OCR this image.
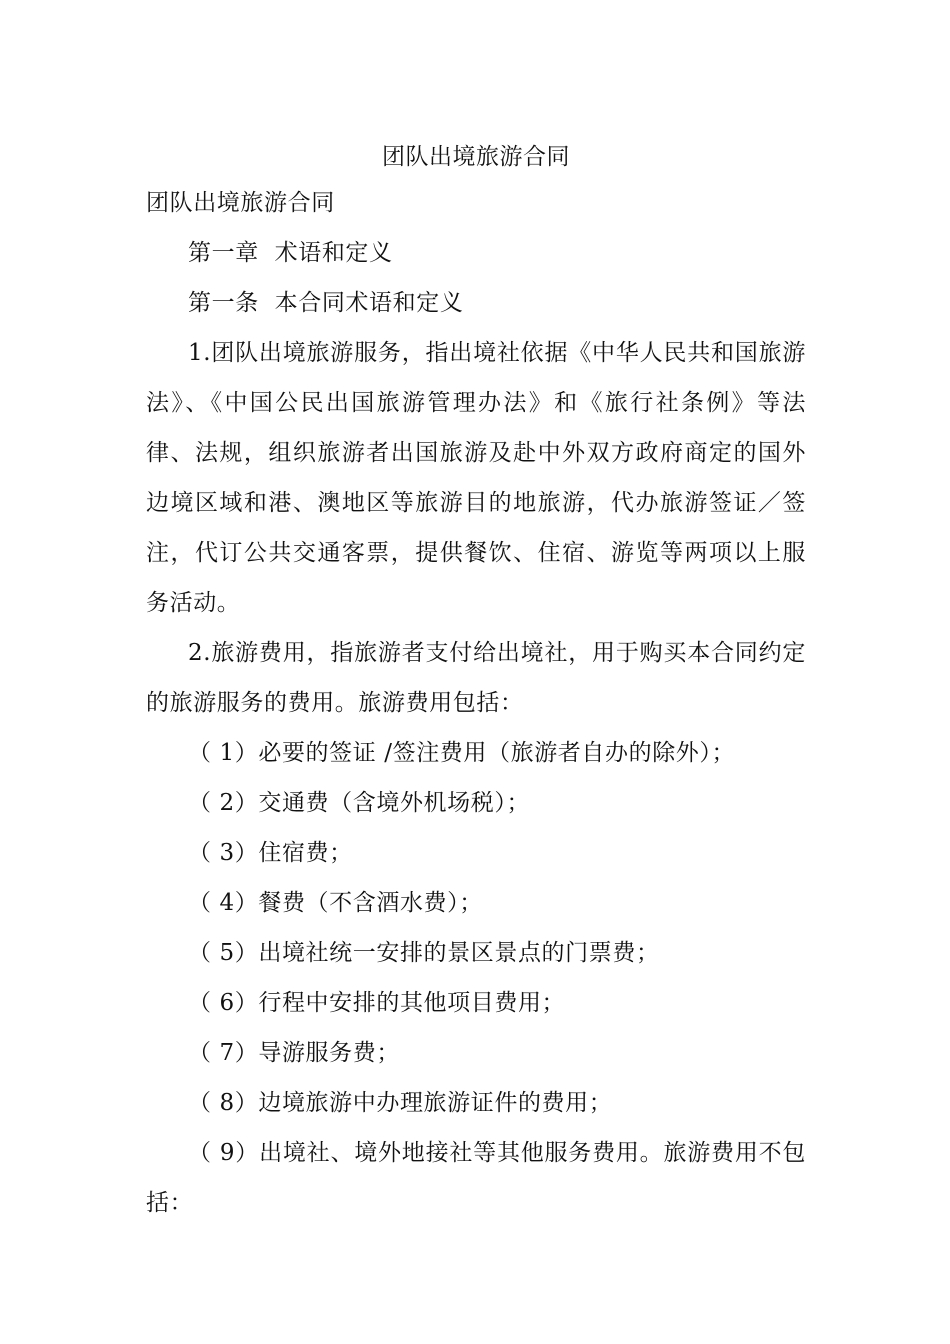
团队出境旅游合同

团队出境旅游合同

第一章  术语和定义

第一条  本合同术语和定义

1.团队出境旅游服务，指出境社依据《中华人民共和国旅游法》、《中国公民出国旅游管理办法》和《旅行社条例》等法律、法规，组织旅游者出国旅游及赴中外双方政府商定的国外边境区域和港、澳地区等旅游目的地旅游，代办旅游签证／签注，代订公共交通客票，提供餐饮、住宿、游览等两项以上服务活动。

2.旅游费用，指旅游者支付给出境社，用于购买本合同约定的旅游服务的费用。旅游费用包括：

（ 1）必要的签证 /签注费用（旅游者自办的除外）；

（ 2）交通费（含境外机场税）；

（ 3）住宿费；

（ 4）餐费（不含酒水费）；

（ 5）出境社统一安排的景区景点的门票费；

（ 6）行程中安排的其他项目费用；

（ 7）导游服务费；

（ 8）边境旅游中办理旅游证件的费用；

（ 9）出境社、境外地接社等其他服务费用。旅游费用不包括：
